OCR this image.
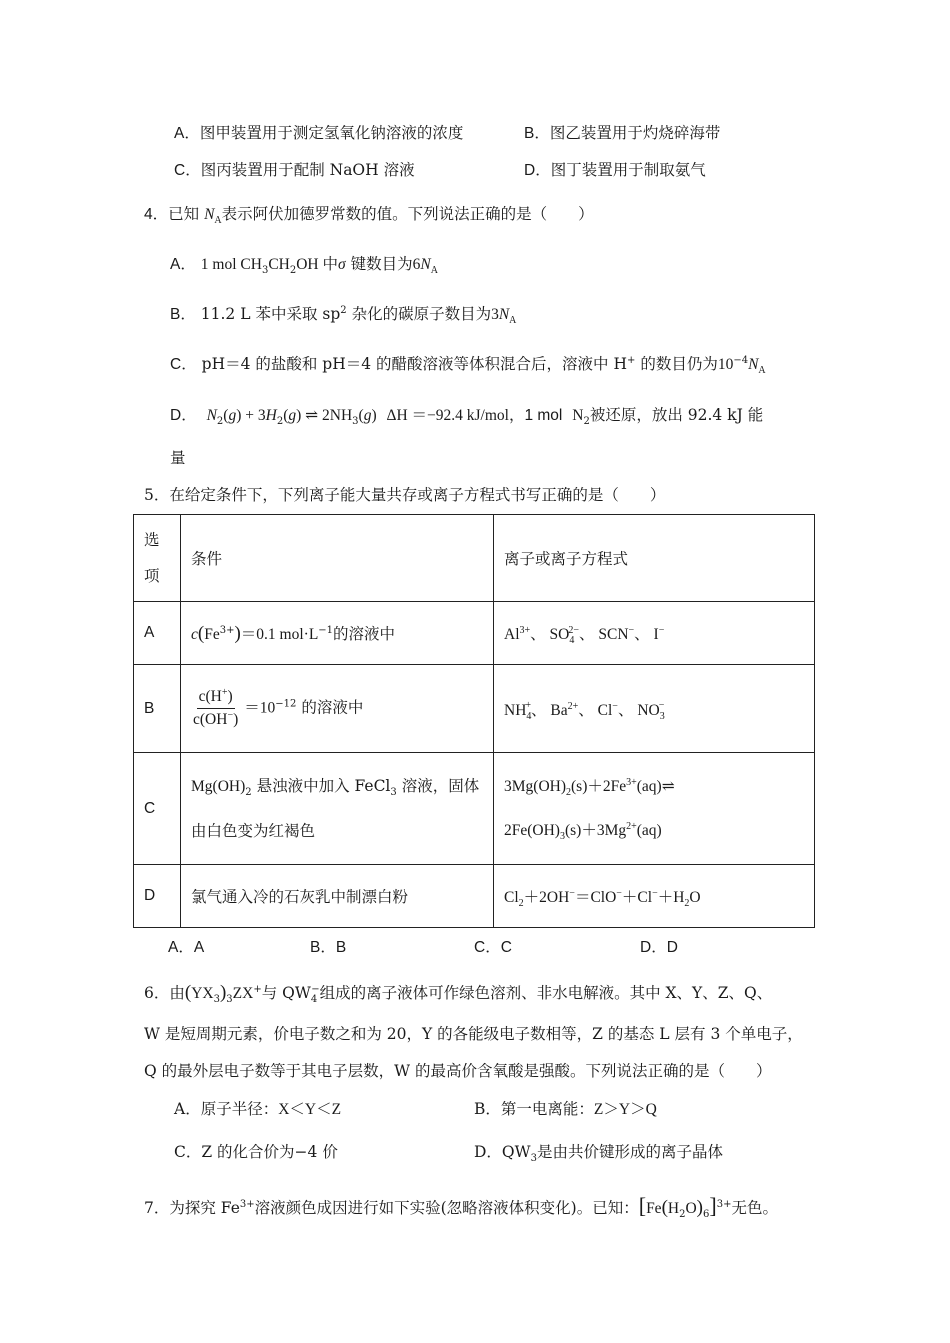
A．图甲装置用于测定氢氧化钠溶液的浓度	B．图乙装置用于灼烧碎海带
C．图丙装置用于配制 NaOH 溶液	D．图丁装置用于制取氨气
4．已知 $N_A$表示阿伏加德罗常数的值。下列说法正确的是（　　）
A． 1 mol $CH_3CH_2OH$ 中σ 键数目为$6N_A$
B． 11.2 L 苯中采取 $sp^2$ 杂化的碳原子数目为$3N_A$
C． pH＝4 的盐酸和 pH＝4 的醋酸溶液等体积混合后，溶液中 H+ 的数目仍为$10^{-4}N_A$
D． $N_2(g) + 3H_2(g)$ ⇌ $2NH_3(g)$ ΔH ＝−92.4 kJ/mol，1 mol $N_2$被还原，放出 92.4 kJ 能
量
5．在给定条件下，下列离子能大量共存或离子方程式书写正确的是（　　）
选
项	条件	离子或离子方程式
A	$c(Fe^{3+})=0.1$ $mol\cdot L^{-1}$的溶液中	$Al^{3+}$、 $SO_4^{2-}$、 SCN−、 I−
B	$\frac{c(H^+)}{c(OH^-)} =10^{-12}$ 的溶液中	$NH_4^+$、 $Ba^{2+}$、 Cl−、 $NO_3^-$
C	$Mg(OH)_2$ 悬浊液中加入 FeCl$_3$ 溶液，固体
由白色变为红褐色	$3Mg(OH)_2(s)+2Fe^{3+}(aq)\rightleftharpoons$
$2Fe(OH)_3(s)+3Mg^{2+}(aq)$

D	氯气通入冷的石灰乳中制漂白粉	$Cl_2+2OH^-=ClO^-+Cl^-+H_2O$
A．A	B．B	C．C	D．D
6．由$(YX_3)_3ZX^+$与 $QW_4^-$组成的离子液体可作绿色溶剂、非水电解液。其中 X、Y、Z、Q、
W 是短周期元素，价电子数之和为 20，Y 的各能级电子数相等，Z 的基态 L 层有 3 个单电子，
Q 的最外层电子数等于其电子层数，W 的最高价含氧酸是强酸。下列说法正确的是（　　）
A．原子半径：X＜Y＜Z	B．第一电离能：Z＞Y＞Q
C．Z 的化合价为−4 价	D．$QW_3$是由共价键形成的离子晶体
7．为探究 $Fe^{3+}$溶液颜色成因进行如下实验(忽略溶液体积变化)。已知：$[Fe(H_2O)_6]^{3+}$无色。
